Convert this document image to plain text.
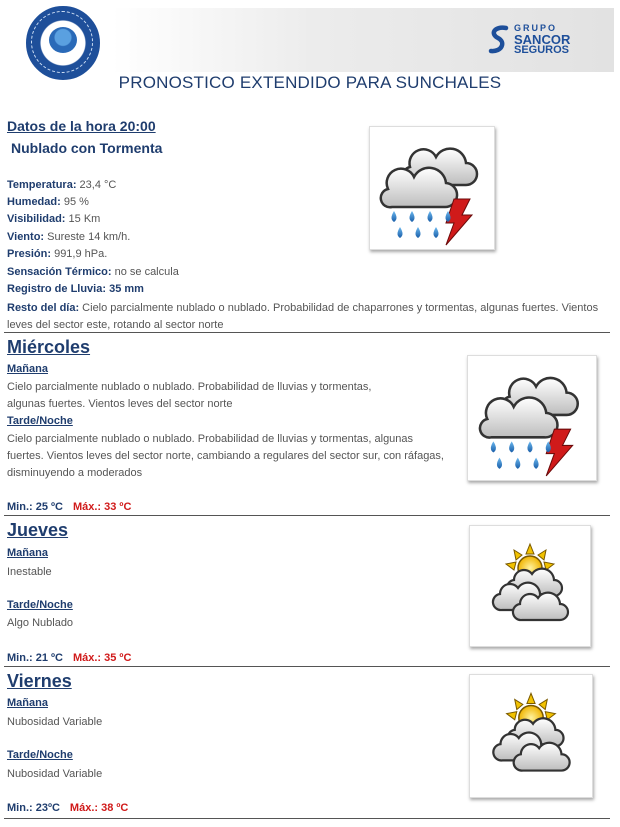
GRUPO
SANCOR
SEGUROS
PRONOSTICO EXTENDIDO PARA SUNCHALES
Datos de la hora 20:00
Nublado con Tormenta
Temperatura: 23,4 °C
Humedad: 95 %
Visibilidad: 15 Km
Viento: Sureste 14 km/h.
Presión: 991,9 hPa.
Sensación Térmico: no se calcula
Registro de Lluvia: 35 mm
Resto del día: Cielo parcialmente nublado o nublado. Probabilidad de chaparrones y tormentas, algunas fuertes. Vientos leves del sector este, rotando al sector norte
Miércoles
Mañana
Cielo parcialmente nublado o nublado. Probabilidad de lluvias y tormentas, algunas fuertes. Vientos leves del sector norte
Tarde/Noche
Cielo parcialmente nublado o nublado. Probabilidad de lluvias y tormentas, algunas fuertes. Vientos leves del sector norte, cambiando a regulares del sector sur, con ráfagas, disminuyendo a moderados
Min.: 25 ºC Máx.: 33 ºC
Jueves
Mañana
Inestable
Tarde/Noche
Algo Nublado
Min.: 21 ºC Máx.: 35 ºC
Viernes
Mañana
Nubosidad Variable
Tarde/Noche
Nubosidad Variable
Min.: 23ºC Máx.: 38 ºC
